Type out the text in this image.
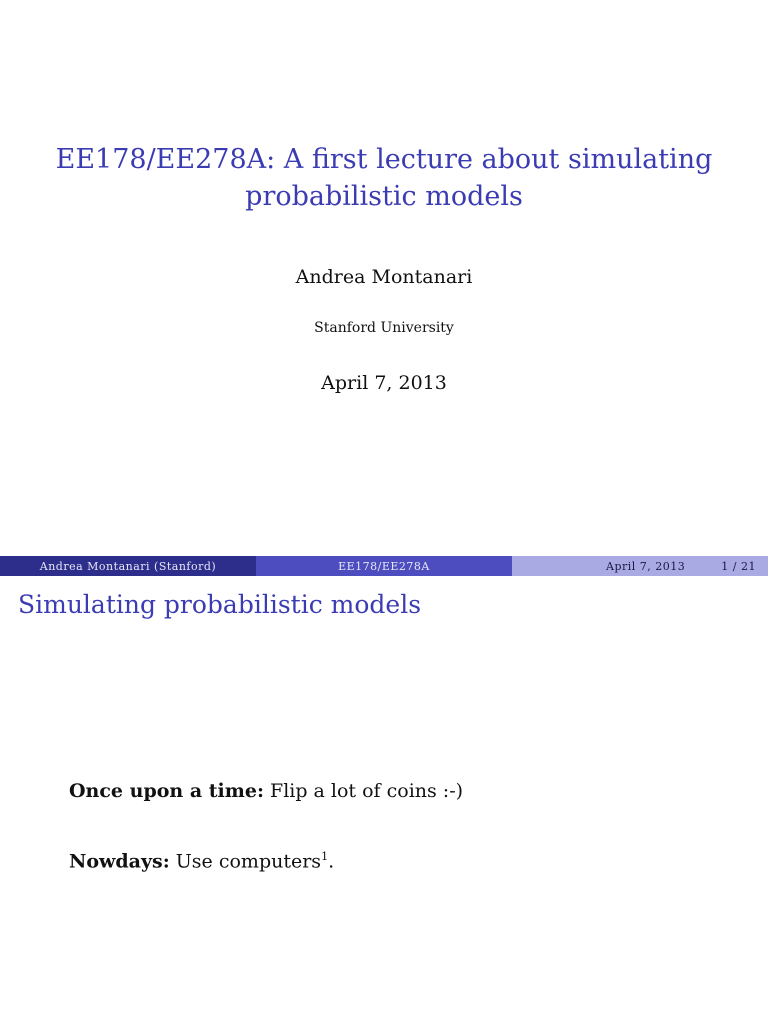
EE178/EE278A: A first lecture about simulating
probabilistic models
Andrea Montanari
Stanford University
April 7, 2013
Andrea Montanari (Stanford)	EE178/EE278A	April 7, 2013	1 / 21
Simulating probabilistic models
Once upon a time: Flip a lot of coins :-)
Nowdays: Use computers$^1$.
